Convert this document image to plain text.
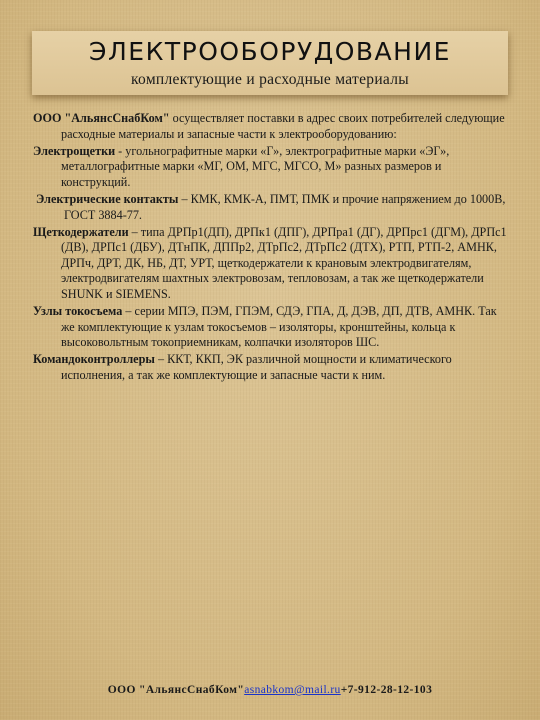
ЭЛЕКТРООБОРУДОВАНИЕ
комплектующие и расходные материалы

ООО "АльянсСнабКом" осуществляет поставки в адрес своих потребителей следующие расходные материалы и запасные части к электрооборудованию:

Электрощетки - угольнографитные марки «Г», электрографитные марки «ЭГ», металлографитные марки «МГ, ОМ, МГС, МГСО, М» разных размеров и конструкций.

Электрические контакты – КМК, КМК-А, ПМТ, ПМК и прочие напряжением до 1000В, ГОСТ 3884-77.

Щеткодержатели – типа ДРПр1(ДП), ДРПк1 (ДПГ), ДРПра1 (ДГ), ДРПрс1 (ДГМ), ДРПс1 (ДВ), ДРПс1 (ДБУ), ДТнПК, ДППр2, ДТрПс2, ДТрПс2 (ДТХ), РТП, РТП-2, АМНК, ДРПч, ДРТ, ДК, НБ, ДТ, УРТ, щеткодержатели к крановым электродвигателям, электродвигателям шахтных электровозам, тепловозам, а так же щеткодержатели SHUNK и SIEMENS.

Узлы токосъема – серии МПЭ, ПЭМ, ГПЭМ, СДЭ, ГПА, Д, ДЭВ, ДП, ДТВ, АМНК. Так же комплектующие к узлам токосъемов – изоляторы, кронштейны, кольца к высоковольтным токоприемникам, колпачки изоляторов ШС.

Командоконтроллеры – ККТ, ККП, ЭК различной мощности и климатического исполнения, а так же комплектующие и запасные части к ним.

ООО "АльянсСнабКом"asnabkom@mail.ru+7-912-28-12-103
